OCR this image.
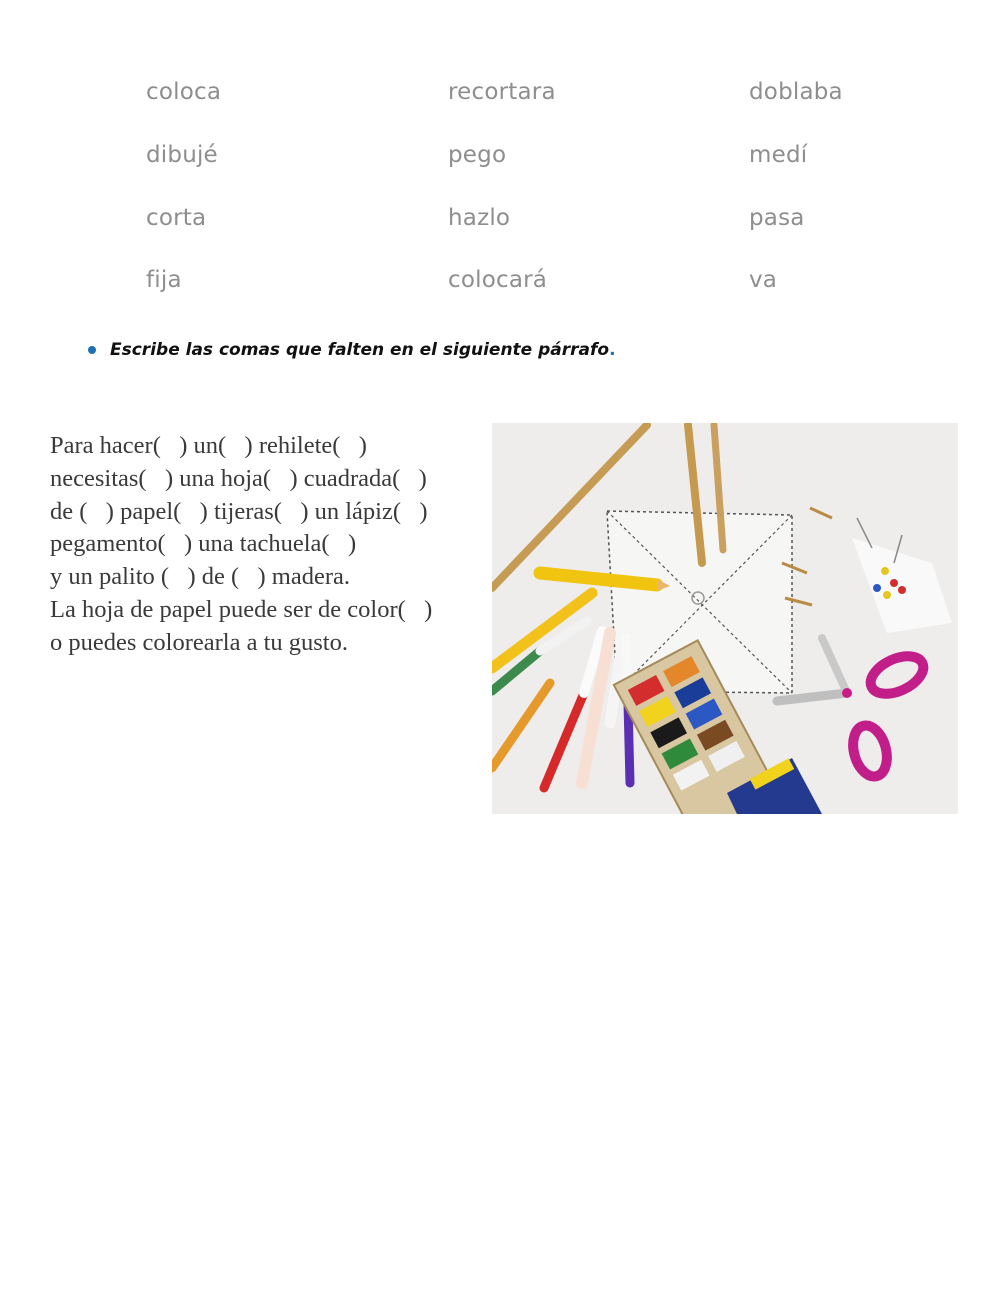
coloca	recortara	doblaba
dibujé	pego	medí
corta	hazlo	pasa
fija	colocará	va
Escribe las comas que falten en el siguiente párrafo.

Para hacer(   ) un(   ) rehilete(   )
necesitas(   ) una hoja(   ) cuadrada(   )
de (   ) papel(   ) tijeras(   ) un lápiz(   )
pegamento(   ) una tachuela(   )
y un palito (   ) de (   ) madera.
La hoja de papel puede ser de color(   )
o puedes colorearla a tu gusto.

10
